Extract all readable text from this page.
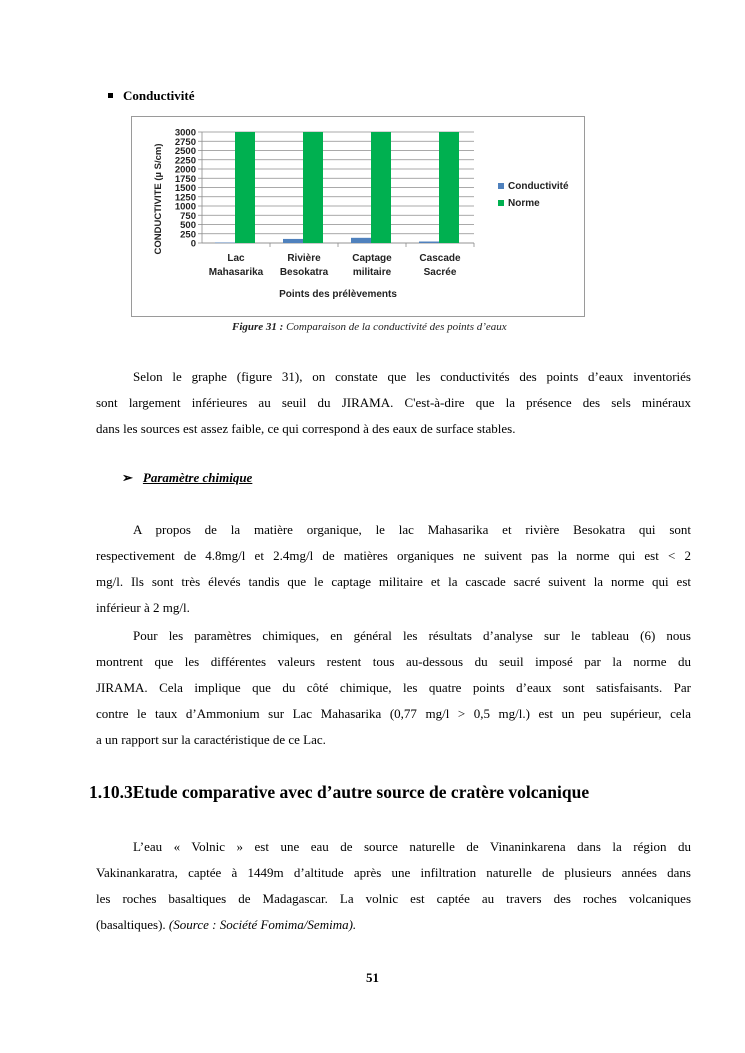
Conductivité
3000
2750
2500
2250
2000
1750
1500
1250
1000
750
500
250
0
Lac
Mahasarika
Rivière
Besokatra
Captage
militaire
Cascade
Sacrée
Points des prélèvements
CONDUCTIVITE (µ S/cm)	Conductivité
Norme
Figure 31 : Comparaison de la conductivité des points d’eaux
Selon le graphe (figure 31), on constate que les conductivités des points d’eaux inventoriés
sont largement inférieures au seuil du JIRAMA. C'est-à-dire que la présence des sels minéraux
dans les sources est assez faible, ce qui correspond à des eaux de surface stables.
➢ Paramètre chimique
A propos de la matière organique, le lac Mahasarika et rivière Besokatra qui sont
respectivement de 4.8mg/l et 2.4mg/l de matières organiques ne suivent pas la norme qui est < 2
mg/l. Ils sont très élevés tandis que le captage militaire et la cascade sacré suivent la norme qui est
inférieur à 2 mg/l.
Pour les paramètres chimiques, en général les résultats d’analyse sur le tableau (6) nous
montrent que les différentes valeurs restent tous au-dessous du seuil imposé par la norme du
JIRAMA. Cela implique que du côté chimique, les quatre points d’eaux sont satisfaisants. Par
contre le taux d’Ammonium sur Lac Mahasarika (0,77 mg/l > 0,5 mg/l.) est un peu supérieur, cela
a un rapport sur la caractéristique de ce Lac.
1.10.3Etude comparative avec d’autre source de cratère volcanique
L’eau « Volnic » est une eau de source naturelle de Vinaninkarena dans la région du
Vakinankaratra, captée à 1449m d’altitude après une infiltration naturelle de plusieurs années dans
les roches basaltiques de Madagascar. La volnic est captée au travers des roches volcaniques
(basaltiques). (Source : Société Fomima/Semima).
51
